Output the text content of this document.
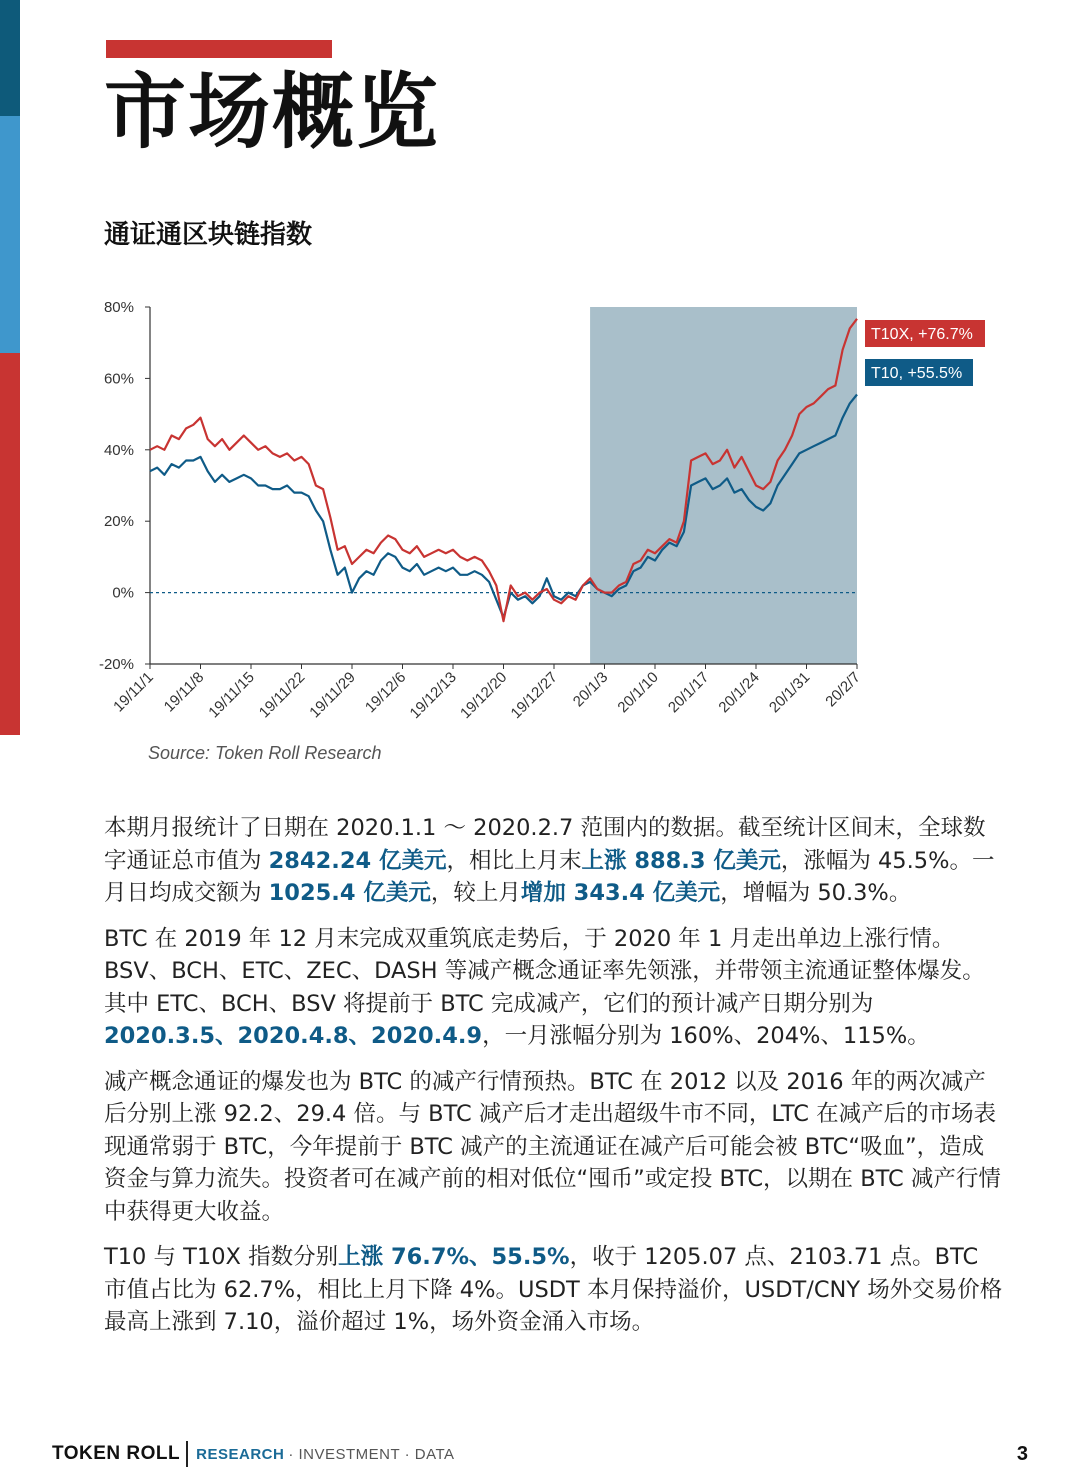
市场概览
通证通区块链指数
80%
60%
40%
20%
0%
-20%
19/11/1 19/11/8
19/11/15
19/11/22
19/11/29 19/12/6
19/12/13
19/12/20
19/12/27 20/1/3 20/1/10 20/1/17 20/1/24 20/1/31 20/2/7
T10X, +76.7%
T10, +55.5%
Source: Token Roll Research

本期月报统计了日期在 2020.1.1 ～ 2020.2.7 范围内的数据。截至统计区间末，全球数字通证总市值为 2842.24 亿美元，相比上月末上涨 888.3 亿美元，涨幅为 45.5%。一月日均成交额为 1025.4 亿美元，较上月增加 343.4 亿美元，增幅为 50.3%。

BTC 在 2019 年 12 月末完成双重筑底走势后，于 2020 年 1 月走出单边上涨行情。BSV、BCH、ETC、ZEC、DASH 等减产概念通证率先领涨，并带领主流通证整体爆发。其中 ETC、BCH、BSV 将提前于 BTC 完成减产，它们的预计减产日期分别为 2020.3.5、2020.4.8、2020.4.9，一月涨幅分别为 160%、204%、115%。

减产概念通证的爆发也为 BTC 的减产行情预热。BTC 在 2012 以及 2016 年的两次减产后分别上涨 92.2、29.4 倍。与 BTC 减产后才走出超级牛市不同，LTC 在减产后的市场表现通常弱于 BTC，今年提前于 BTC 减产的主流通证在减产后可能会被 BTC“吸血”，造成资金与算力流失。投资者可在减产前的相对低位“囤币”或定投 BTC，以期在 BTC 减产行情中获得更大收益。

T10 与 T10X 指数分别上涨 76.7%、55.5%，收于 1205.07 点、2103.71 点。BTC 市值占比为 62.7%，相比上月下降 4%。USDT 本月保持溢价，USDT/CNY 场外交易价格最高上涨到 7.10，溢价超过 1%，场外资金涌入市场。

TOKEN ROLL RESEARCH · INVESTMENT · DATA	3
